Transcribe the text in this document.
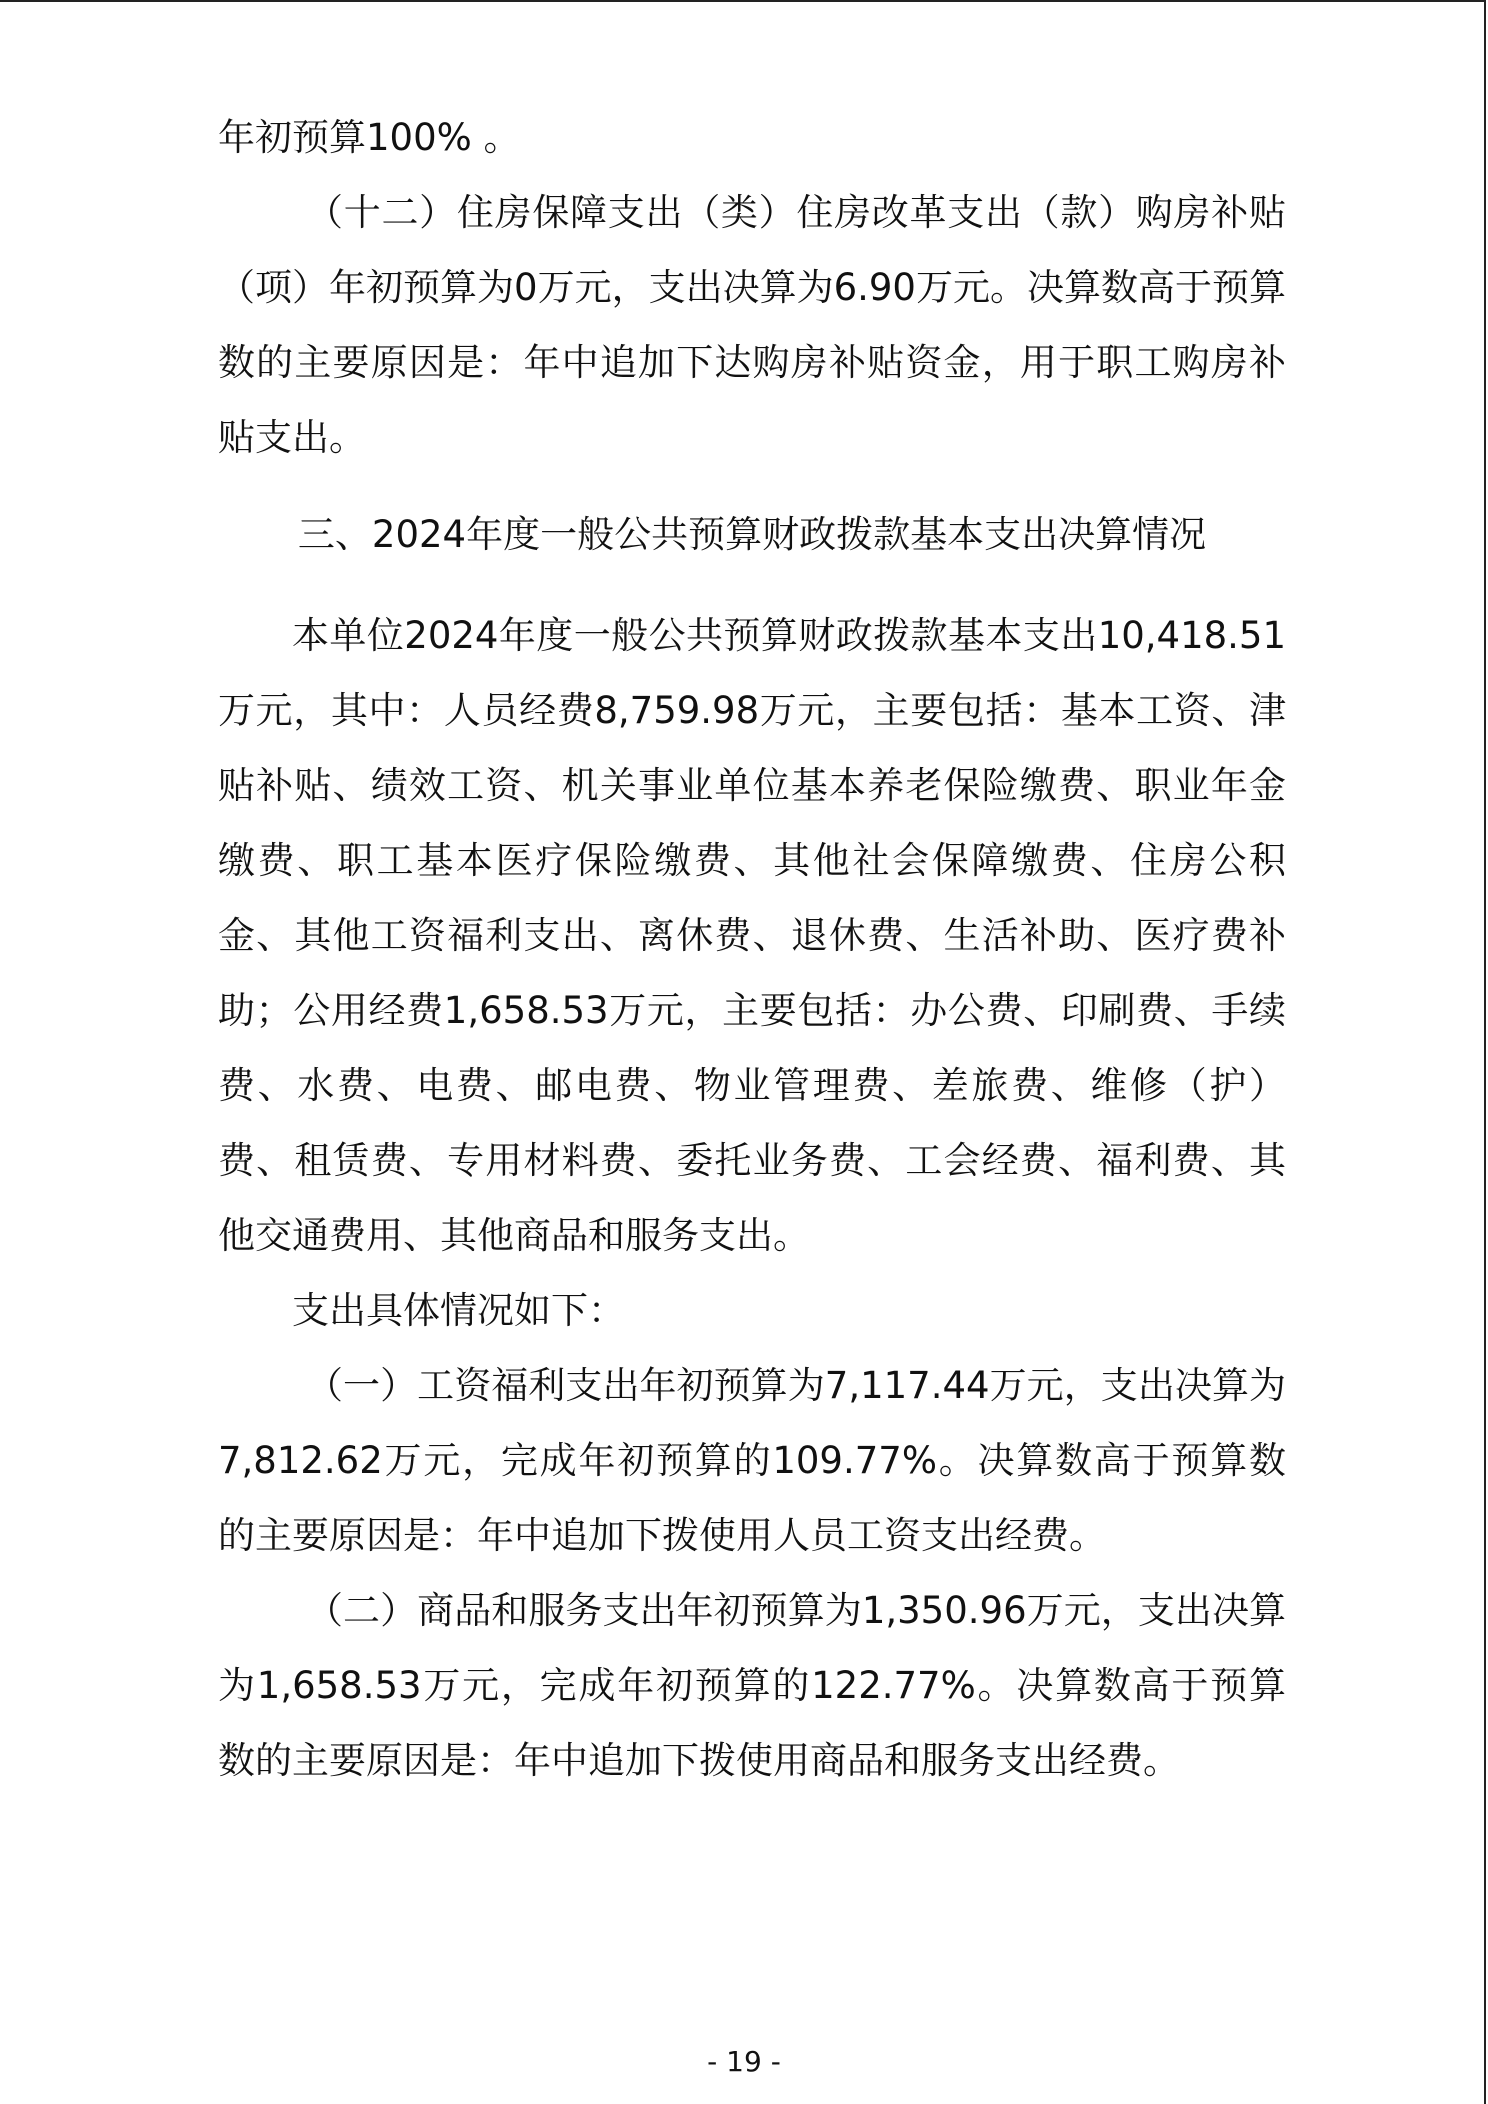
年初预算100% 。

（十二）住房保障支出（类）住房改革支出（款）购房补贴（项）年初预算为0万元，支出决算为6.90万元。决算数高于预算数的主要原因是：年中追加下达购房补贴资金，用于职工购房补贴支出。

三、2024年度一般公共预算财政拨款基本支出决算情况

本单位2024年度一般公共预算财政拨款基本支出10,418.51万元，其中：人员经费8,759.98万元，主要包括：基本工资、津贴补贴、绩效工资、机关事业单位基本养老保险缴费、职业年金缴费、职工基本医疗保险缴费、其他社会保障缴费、住房公积金、其他工资福利支出、离休费、退休费、生活补助、医疗费补助；公用经费1,658.53万元，主要包括：办公费、印刷费、手续费、水费、电费、邮电费、物业管理费、差旅费、维修（护）费、租赁费、专用材料费、委托业务费、工会经费、福利费、其他交通费用、其他商品和服务支出。

支出具体情况如下：

（一）工资福利支出年初预算为7,117.44万元，支出决算为7,812.62万元，完成年初预算的109.77%。决算数高于预算数的主要原因是：年中追加下拨使用人员工资支出经费。

（二）商品和服务支出年初预算为1,350.96万元，支出决算为1,658.53万元，完成年初预算的122.77%。决算数高于预算数的主要原因是：年中追加下拨使用商品和服务支出经费。

- 19 -
